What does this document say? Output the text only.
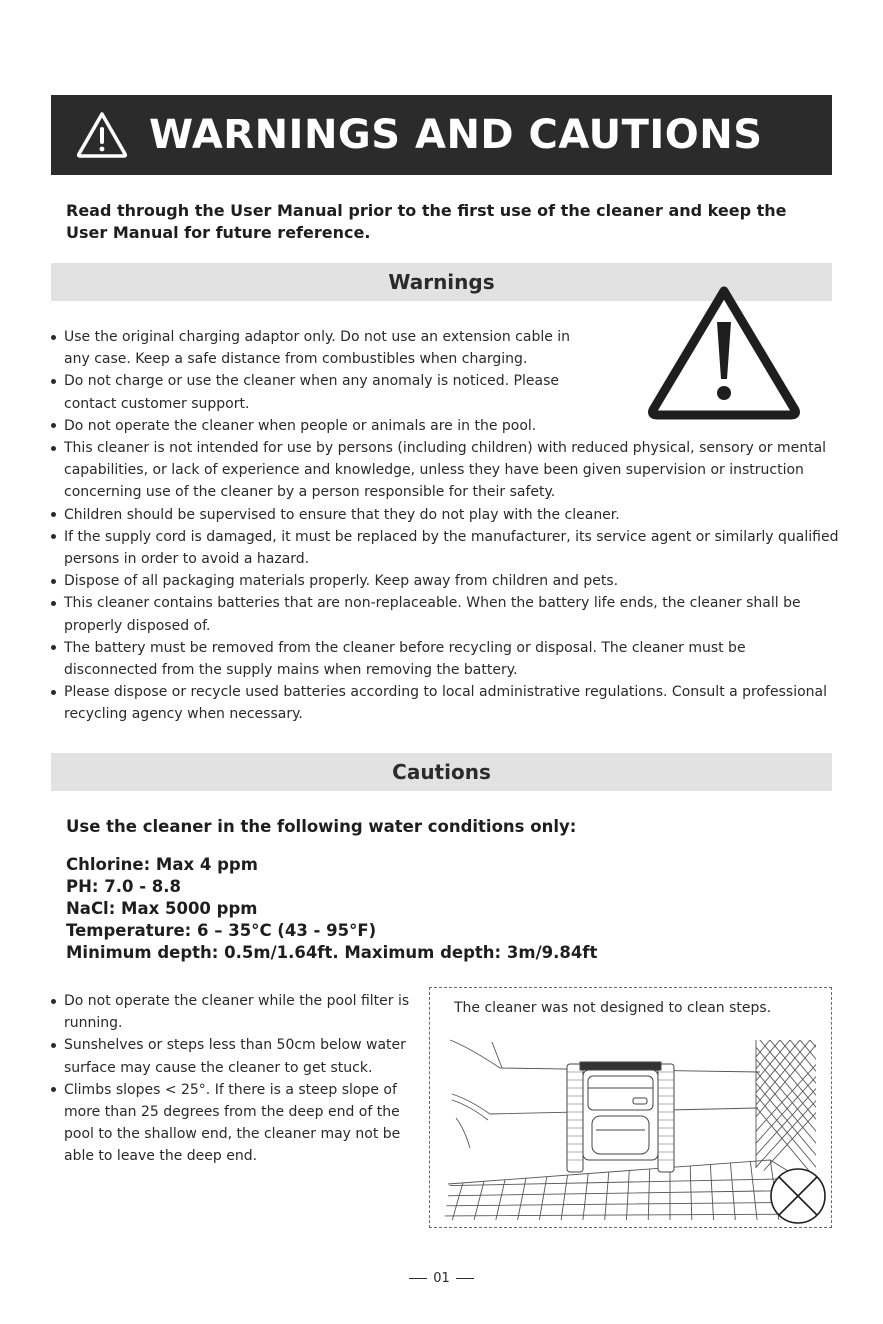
WARNINGS AND CAUTIONS
Read through the User Manual prior to the first use of the cleaner and keep the User Manual for future reference.
Warnings
Use the original charging adaptor only. Do not use an extension cable in any case. Keep a safe distance from combustibles when charging.
Do not charge or use the cleaner when any anomaly is noticed. Please contact customer support.
Do not operate the cleaner when people or animals are in the pool.
This cleaner is not intended for use by persons (including children) with reduced physical, sensory or mental capabilities, or lack of experience and knowledge, unless they have been given supervision or instruction concerning use of the cleaner by a person responsible for their safety.
Children should be supervised to ensure that they do not play with the cleaner.
If the supply cord is damaged, it must be replaced by the manufacturer, its service agent or similarly qualified persons in order to avoid a hazard.
Dispose of all packaging materials properly. Keep away from children and pets.
This cleaner contains batteries that are non-replaceable. When the battery life ends, the cleaner shall be properly disposed of.
The battery must be removed from the cleaner before recycling or disposal. The cleaner must be disconnected from the supply mains when removing the battery.
Please dispose or recycle used batteries according to local administrative regulations. Consult a professional recycling agency when necessary.
Cautions
Use the cleaner in the following water conditions only:
Chlorine: Max 4 ppm
PH: 7.0 - 8.8
NaCl: Max 5000 ppm
Temperature: 6 – 35°C (43 - 95°F)
Minimum depth: 0.5m/1.64ft. Maximum depth: 3m/9.84ft
Do not operate the cleaner while the pool filter is running.
Sunshelves or steps less than 50cm below water surface may cause the cleaner to get stuck.
Climbs slopes < 25°. If there is a steep slope of more than 25 degrees from the deep end of the pool to the shallow end, the cleaner may not be able to leave the deep end.
The cleaner was not designed to clean steps.
01
